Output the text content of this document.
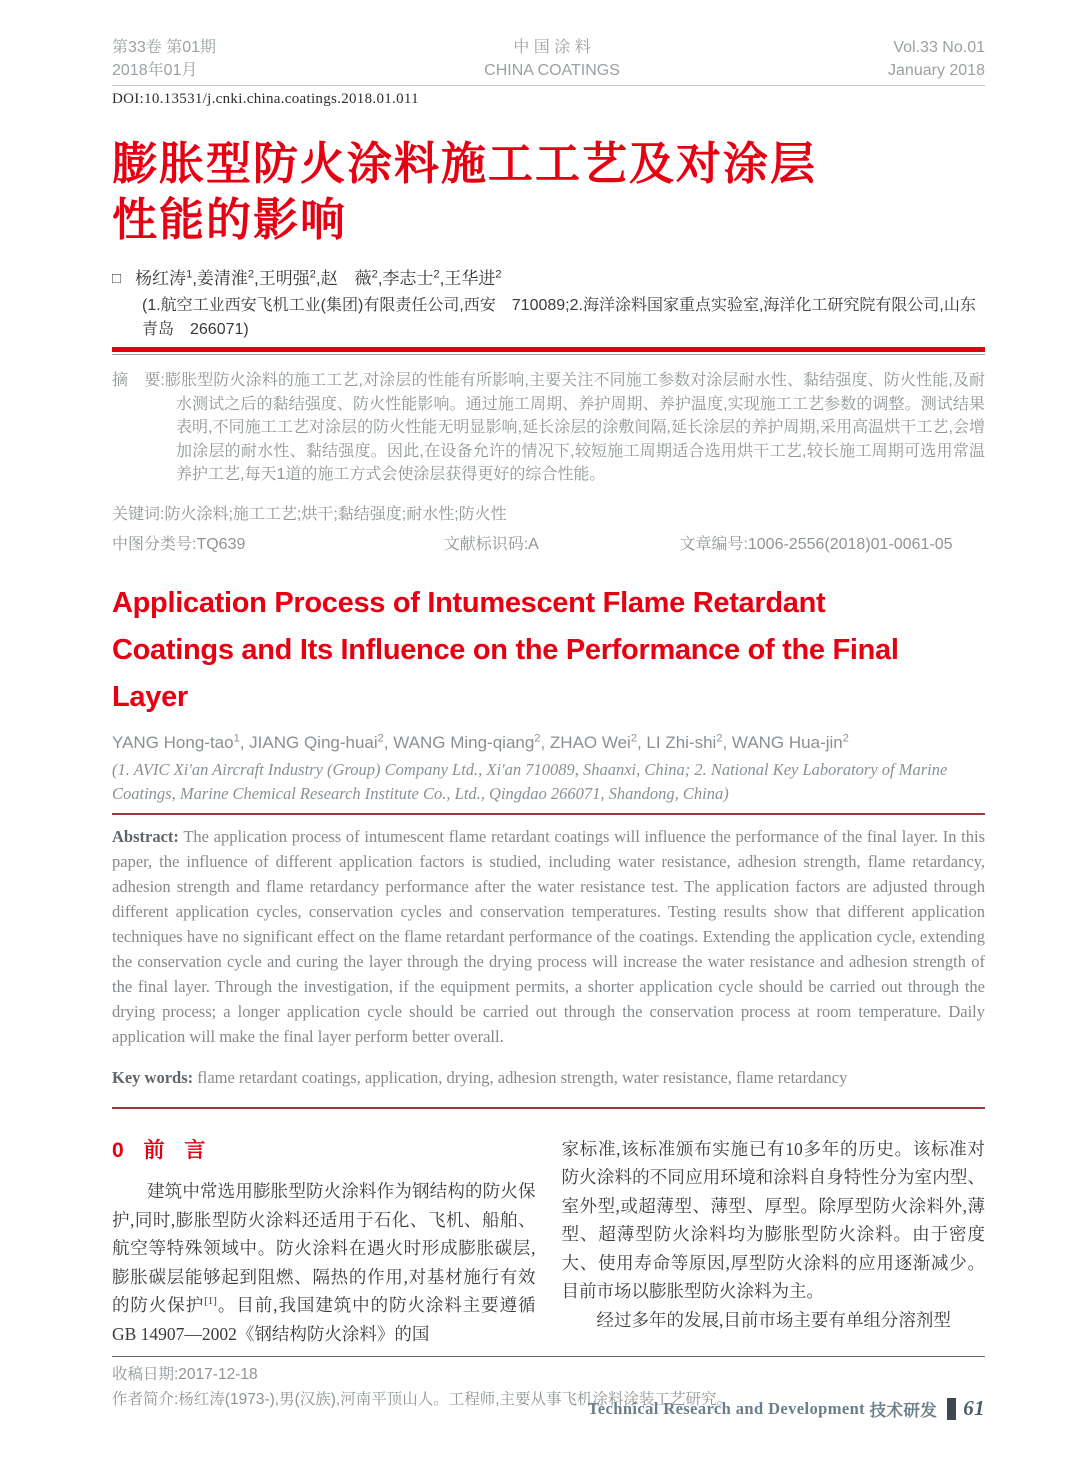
第33卷 第01期
2018年01月
中 国 涂 料
CHINA COATINGS
Vol.33 No.01
January 2018
DOI:10.13531/j.cnki.china.coatings.2018.01.011
膨胀型防火涂料施工工艺及对涂层
性能的影响
□ 杨红涛$^1$,姜清淮$^2$,王明强$^2$,赵　薇$^2$,李志士$^2$,王华进$^2$
(1.航空工业西安飞机工业(集团)有限责任公司,西安　710089;2.海洋涂料国家重点实验室,海洋化工研究院有限公司,山东青岛　266071)

摘　要:膨胀型防火涂料的施工工艺,对涂层的性能有所影响,主要关注不同施工参数对涂层耐水性、黏结强度、防火性能,及耐水测试之后的黏结强度、防火性能影响。通过施工周期、养护周期、养护温度,实现施工工艺参数的调整。测试结果表明,不同施工工艺对涂层的防火性能无明显影响,延长涂层的涂敷间隔,延长涂层的养护周期,采用高温烘干工艺,会增加涂层的耐水性、黏结强度。因此,在设备允许的情况下,较短施工周期适合选用烘干工艺,较长施工周期可选用常温养护工艺,每天1道的施工方式会使涂层获得更好的综合性能。

关键词:防火涂料;施工工艺;烘干;黏结强度;耐水性;防火性
中图分类号:TQ639	文献标识码:A	文章编号:1006-2556(2018)01-0061-05
Application Process of Intumescent Flame Retardant
Coatings and Its Influence on the Performance of the Final
Layer
YANG Hong-tao$^1$, JIANG Qing-huai$^2$, WANG Ming-qiang$^2$, ZHAO Wei$^2$, LI Zhi-shi$^2$, WANG Hua-jin$^2$
(1. AVIC Xi'an Aircraft Industry (Group) Company Ltd., Xi'an 710089, Shaanxi, China; 2. National Key Laboratory of Marine Coatings, Marine Chemical Research Institute Co., Ltd., Qingdao 266071, Shandong, China)

Abstract: The application process of intumescent flame retardant coatings will influence the performance of the final layer. In this paper, the influence of different application factors is studied, including water resistance, adhesion strength, flame retardancy, adhesion strength and flame retardancy performance after the water resistance test. The application factors are adjusted through different application cycles, conservation cycles and conservation temperatures. Testing results show that different application techniques have no significant effect on the flame retardant performance of the coatings. Extending the application cycle, extending the conservation cycle and curing the layer through the drying process will increase the water resistance and adhesion strength of the final layer. Through the investigation, if the equipment permits, a shorter application cycle should be carried out through the drying process; a longer application cycle should be carried out through the conservation process at room temperature. Daily application will make the final layer perform better overall.

Key words: flame retardant coatings, application, drying, adhesion strength, water resistance, flame retardancy

0 前 言

建筑中常选用膨胀型防火涂料作为钢结构的防火保护,同时,膨胀型防火涂料还适用于石化、飞机、船舶、航空等特殊领域中。防火涂料在遇火时形成膨胀碳层,膨胀碳层能够起到阻燃、隔热的作用,对基材施行有效的防火保护[1]。目前,我国建筑中的防火涂料主要遵循GB 14907—2002《钢结构防火涂料》的国

家标准,该标准颁布实施已有10多年的历史。该标准对防火涂料的不同应用环境和涂料自身特性分为室内型、室外型,或超薄型、薄型、厚型。除厚型防火涂料外,薄型、超薄型防火涂料均为膨胀型防火涂料。由于密度大、使用寿命等原因,厚型防火涂料的应用逐渐减少。目前市场以膨胀型防火涂料为主。

经过多年的发展,目前市场主要有单组分溶剂型

收稿日期:2017-12-18
作者简介:杨红涛(1973-),男(汉族),河南平顶山人。工程师,主要从事飞机涂料涂装工艺研究。
Technical Research and Development
技术研发 61
